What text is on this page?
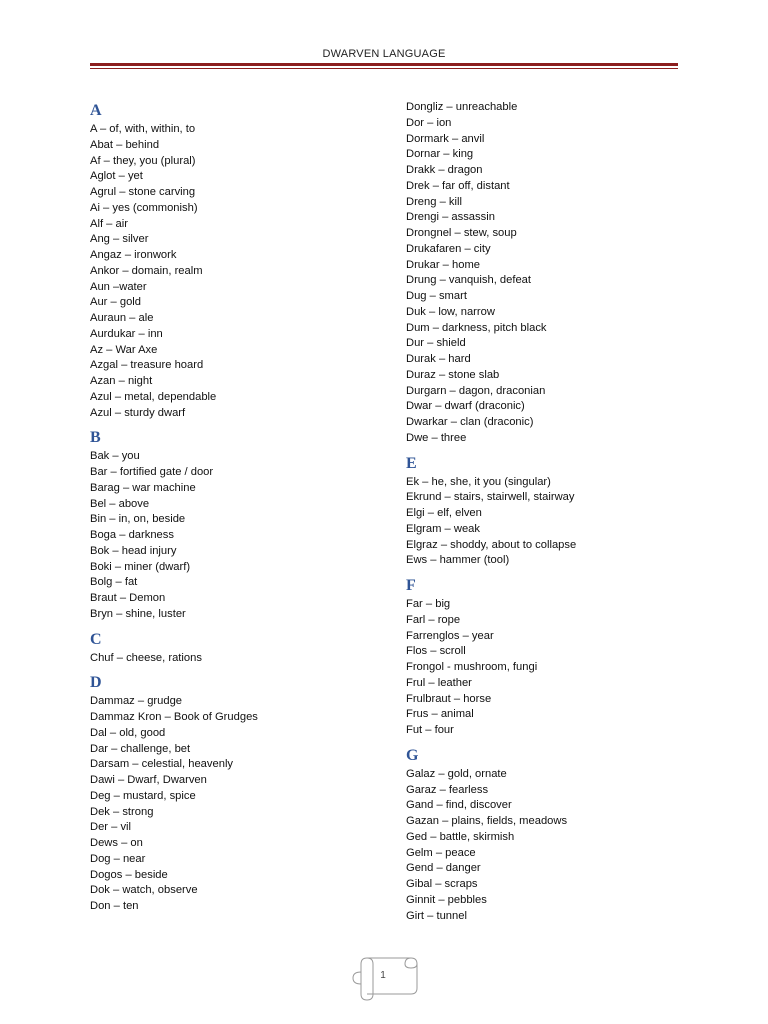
DWARVEN LANGUAGE
A
A – of, with, within, to
Abat – behind
Af – they, you (plural)
Aglot – yet
Agrul – stone carving
Ai – yes (commonish)
Alf – air
Ang – silver
Angaz – ironwork
Ankor – domain, realm
Aun –water
Aur – gold
Auraun – ale
Aurdukar – inn
Az – War Axe
Azgal – treasure hoard
Azan – night
Azul – metal, dependable
Azul – sturdy dwarf
B
Bak – you
Bar – fortified gate / door
Barag – war machine
Bel – above
Bin – in, on, beside
Boga – darkness
Bok – head injury
Boki – miner (dwarf)
Bolg – fat
Braut – Demon
Bryn – shine, luster
C
Chuf – cheese, rations
D
Dammaz – grudge
Dammaz Kron – Book of Grudges
Dal – old, good
Dar – challenge, bet
Darsam – celestial, heavenly
Dawi – Dwarf, Dwarven
Deg – mustard, spice
Dek – strong
Der – vil
Dews – on
Dog – near
Dogos – beside
Dok – watch, observe
Don – ten
Dongliz – unreachable
Dor – ion
Dormark – anvil
Dornar – king
Drakk – dragon
Drek – far off, distant
Dreng – kill
Drengi – assassin
Drongnel – stew, soup
Drukafaren – city
Drukar – home
Drung – vanquish, defeat
Dug – smart
Duk – low, narrow
Dum – darkness, pitch black
Dur – shield
Durak – hard
Duraz – stone slab
Durgarn – dagon, draconian
Dwar – dwarf (draconic)
Dwarkar – clan (draconic)
Dwe – three
E
Ek – he, she, it you (singular)
Ekrund – stairs, stairwell, stairway
Elgi – elf, elven
Elgram – weak
Elgraz – shoddy, about to collapse
Ews – hammer (tool)
F
Far – big
Farl – rope
Farrenglos – year
Flos – scroll
Frongol - mushroom, fungi
Frul – leather
Frulbraut – horse
Frus – animal
Fut – four
G
Galaz – gold, ornate
Garaz – fearless
Gand – find, discover
Gazan – plains, fields, meadows
Ged – battle, skirmish
Gelm – peace
Gend – danger
Gibal – scraps
Ginnit – pebbles
Girt – tunnel
1
